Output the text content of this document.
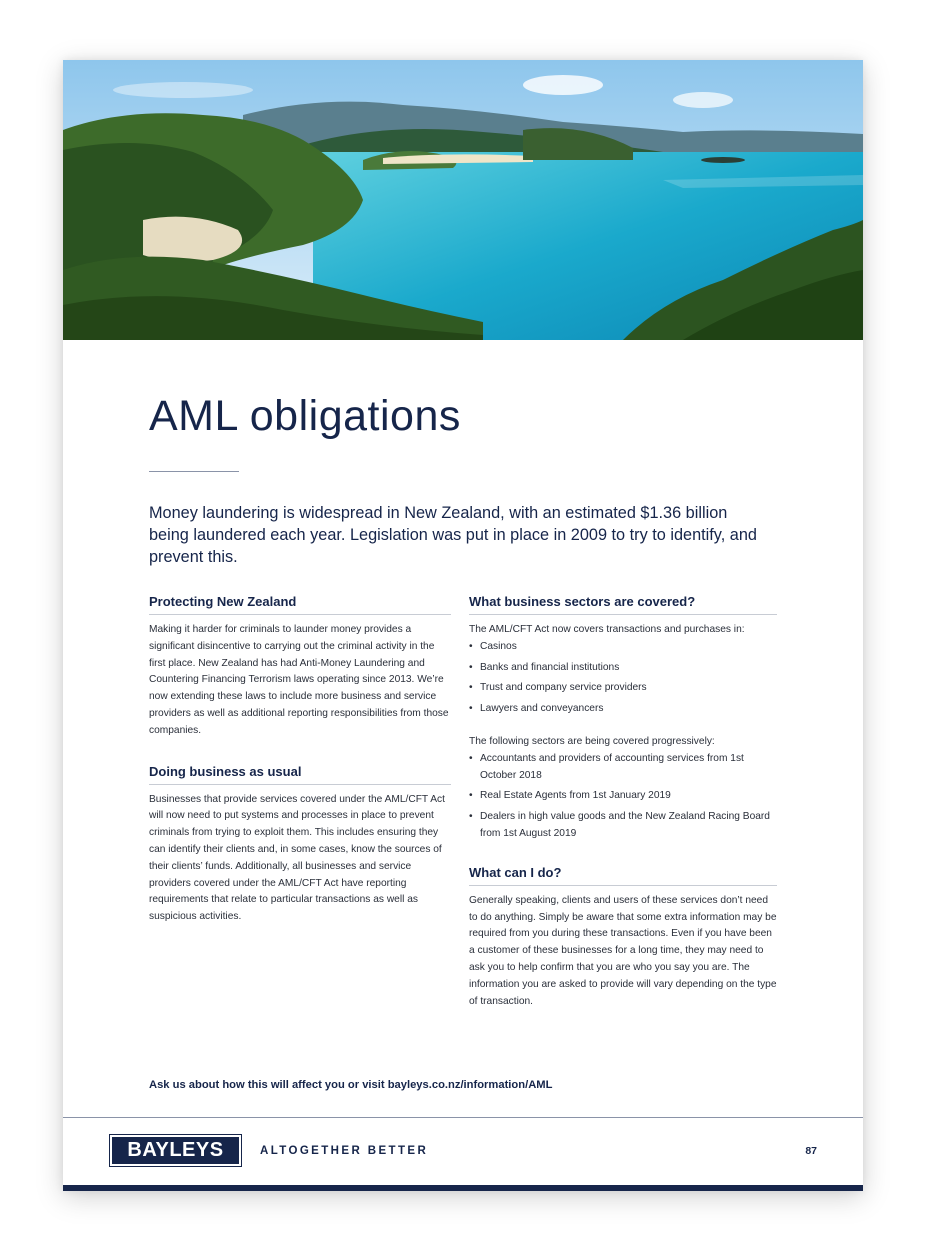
AML obligations

Money laundering is widespread in New Zealand, with an estimated $1.36 billion being laundered each year. Legislation was put in place in 2009 to try to identify, and prevent this.

Protecting New Zealand

Making it harder for criminals to launder money provides a significant disincentive to carrying out the criminal activity in the first place. New Zealand has had Anti-Money Laundering and Countering Financing Terrorism laws operating since 2013. We’re now extending these laws to include more business and service providers as well as additional reporting responsibilities from those companies.

Doing business as usual

Businesses that provide services covered under the AML/CFT Act will now need to put systems and processes in place to prevent criminals from trying to exploit them. This includes ensuring they can identify their clients and, in some cases, know the sources of their clients’ funds. Additionally, all businesses and service providers covered under the AML/CFT Act have reporting requirements that relate to particular transactions as well as suspicious activities.

What business sectors are covered?

The AML/CFT Act now covers transactions and purchases in:

• Casinos
• Banks and financial institutions
• Trust and company service providers
• Lawyers and conveyancers

The following sectors are being covered progressively:

• Accountants and providers of accounting services from 1st October 2018
• Real Estate Agents from 1st January 2019
• Dealers in high value goods and the New Zealand Racing Board from 1st August 2019
What can I do?

Generally speaking, clients and users of these services don’t need to do anything. Simply be aware that some extra information may be required from you during these transactions. Even if you have been a customer of these businesses for a long time, they may need to ask you to help confirm that you are who you say you are. The information you are asked to provide will vary depending on the type of transaction.

Ask us about how this will affect you or visit bayleys.co.nz/information/AML

BAYLEYS	ALTOGETHER BETTER	87
